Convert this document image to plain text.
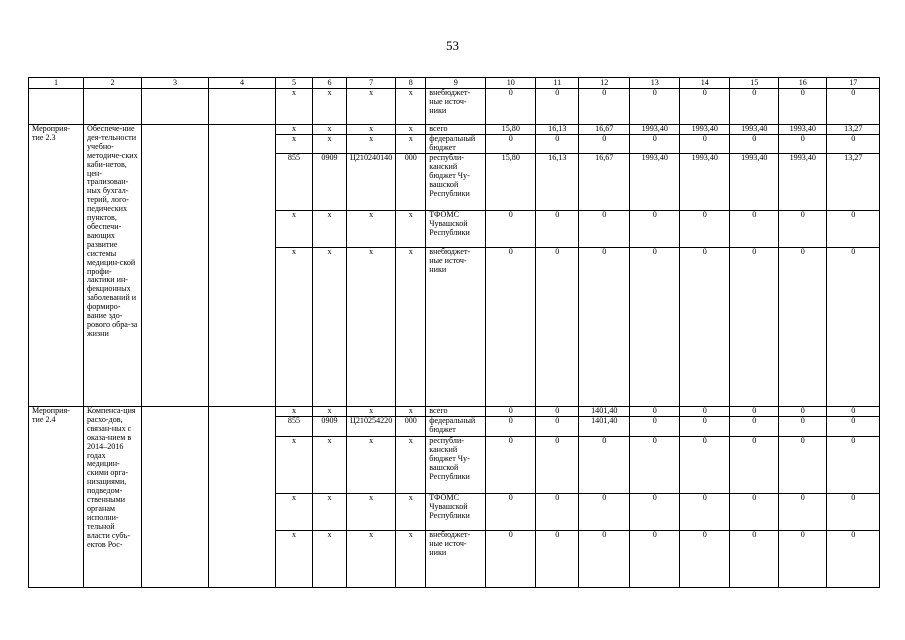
53
1	2	3	4	5	6	7	8	9	10	11	12	13	14	15	16	17
				x	x	x	x	внебюджет-ные источ-ники	0	0	0	0	0	0	0	0
Мероприя-тие 2.3	Обеспече-ние дея-тельности учебно-методиче-ских каби-нетов, цен-трализован-ных бухгал-терий, лого-педических пунктов, обеспечи-вающих развитие системы медицин-ской профи-лактики ин-фекционных заболеваний и формиро-вание здо-рового обра-за жизни			x	x	x	x	всего	15,80	16,13	16,67	1993,40	1993,40	1993,40	1993,40	13,27
				x	x	x	x	федеральный бюджет	0	0	0	0	0	0	0	0
				855	0909	Ц210240140	000	республи-канский бюджет Чу-вашской Республики	15,80	16,13	16,67	1993,40	1993,40	1993,40	1993,40	13,27
				x	x	x	x	ТФОМС Чувашской Республики	0	0	0	0	0	0	0	0
				x	x	x	x	внебюджет-ные источ-ники	0	0	0	0	0	0	0	0
Мероприя-тие 2.4	Компенса-ция расхо-дов, связан-ных с оказа-нием в 2014–2016 годах медицин-скими орга-низациями, подведом-ственными органам исполни-тельной власти субъ-ектов Рос-			x	x	x	x	всего	0	0	1401,40	0	0	0	0	0
				855	0909	Ц210254220	000	федеральный бюджет	0	0	1401,40	0	0	0	0	0
				x	x	x	x	республи-канский бюджет Чу-вашской Республики	0	0	0	0	0	0	0	0
				x	x	x	x	ТФОМС Чувашской Республики	0	0	0	0	0	0	0	0
				x	x	x	x	внебюджет-ные источ-ники	0	0	0	0	0	0	0	0
